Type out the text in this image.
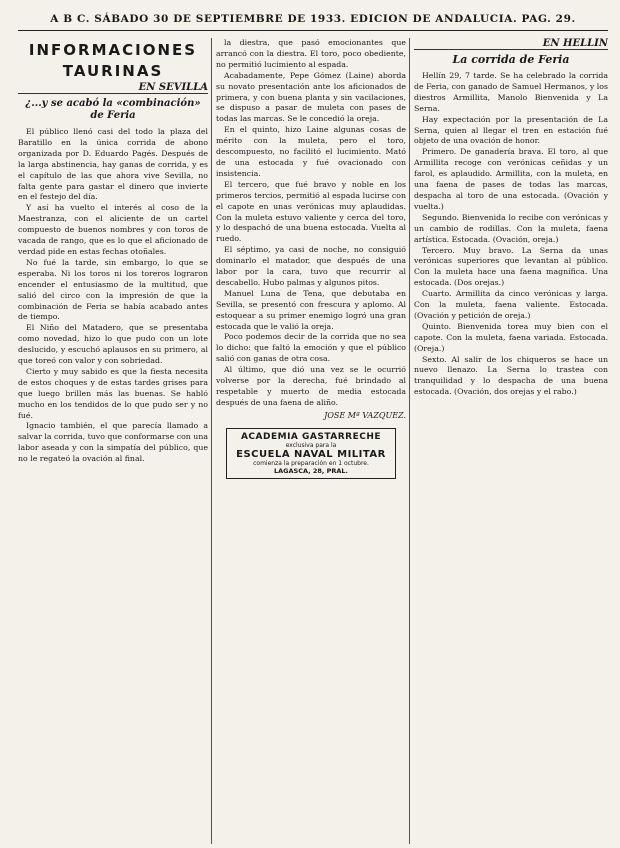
A B C. SÁBADO 30 DE SEPTIEMBRE DE 1933. EDICION DE ANDALUCIA. PAG. 29.
INFORMACIONES
TAURINAS
EN SEVILLA
¿...y se acabó la «combinación» de Feria

El público llenó casi del todo la plaza del Baratillo en la única corrida de abono organizada por D. Eduardo Pagés. Después de la larga abstinencia, hay ganas de corrida, y es el capítulo de las que ahora vive Sevilla, no falta gente para gastar el dinero que invierte en el festejo del día.

Y así ha vuelto el interés al coso de la Maestranza, con el aliciente de un cartel compuesto de buenos nombres y con toros de vacada de rango, que es lo que el aficionado de verdad pide en estas fechas otoñales.

No fué la tarde, sin embargo, lo que se esperaba. Ni los toros ni los toreros lograron encender el entusiasmo de la multitud, que salió del circo con la impresión de que la combinación de Feria se había acabado antes de tiempo.

El Niño del Matadero, que se presentaba como novedad, hizo lo que pudo con un lote deslucido, y escuchó aplausos en su primero, al que toreó con valor y con sobriedad.

Cierto y muy sabido es que la fiesta necesita de estos choques y de estas tardes grises para que luego brillen más las buenas. Se habló mucho en los tendidos de lo que pudo ser y no fué.

Ignacio también, el que parecía llamado a salvar la corrida, tuvo que conformarse con una labor aseada y con la simpatía del público, que no le regateó la ovación al final.

la diestra, que pasó emocionantes que arrancó con la diestra. El toro, poco obediente, no permitió lucimiento al espada.

Acabadamente, Pepe Gómez (Laine) aborda su novato presentación ante los aficionados de primera, y con buena planta y sin vacilaciones, se dispuso a pasar de muleta con pases de todas las marcas. Se le concedió la oreja.

En el quinto, hizo Laine algunas cosas de mérito con la muleta, pero el toro, descompuesto, no facilitó el lucimiento. Mató de una estocada y fué ovacionado con insistencia.

El tercero, que fué bravo y noble en los primeros tercios, permitió al espada lucirse con el capote en unas verónicas muy aplaudidas. Con la muleta estuvo valiente y cerca del toro, y lo despachó de una buena estocada. Vuelta al ruedo.

El séptimo, ya casi de noche, no consiguió dominarlo el matador, que después de una labor por la cara, tuvo que recurrir al descabello. Hubo palmas y algunos pitos.

Manuel Luna de Tena, que debutaba en Sevilla, se presentó con frescura y aplomo. Al estoquear a su primer enemigo logró una gran estocada que le valió la oreja.

Poco podemos decir de la corrida que no sea lo dicho: que faltó la emoción y que el público salió con ganas de otra cosa.

Al último, que dió una vez se le ocurrió volverse por la derecha, fué brindado al respetable y muerto de media estocada después de una faena de aliño.

JOSE Mª VAZQUEZ.
ACADEMIA GASTARRECHE
exclusiva para la
ESCUELA NAVAL MILITAR
comienza la preparación en 1 octubre.
LAGASCA, 28, PRAL.
EN HELLIN
La corrida de Feria

Hellín 29, 7 tarde. Se ha celebrado la corrida de Feria, con ganado de Samuel Hermanos, y los diestros Armillita, Manolo Bienvenida y La Serna.

Hay expectación por la presentación de La Serna, quien al llegar el tren en estación fué objeto de una ovación de honor.

Primero. De ganadería brava. El toro, al que Armillita recoge con verónicas ceñidas y un farol, es aplaudido. Armillita, con la muleta, en una faena de pases de todas las marcas, despacha al toro de una estocada. (Ovación y vuelta.)

Segundo. Bienvenida lo recibe con verónicas y un cambio de rodillas. Con la muleta, faena artística. Estocada. (Ovación, oreja.)

Tercero. Muy bravo. La Serna da unas verónicas superiores que levantan al público. Con la muleta hace una faena magnífica. Una estocada. (Dos orejas.)

Cuarto. Armillita da cinco verónicas y larga. Con la muleta, faena valiente. Estocada. (Ovación y petición de oreja.)

Quinto. Bienvenida torea muy bien con el capote. Con la muleta, faena variada. Estocada. (Oreja.)

Sexto. Al salir de los chiqueros se hace un nuevo llenazo. La Serna lo trastea con tranquilidad y lo despacha de una buena estocada. (Ovación, dos orejas y el rabo.)
